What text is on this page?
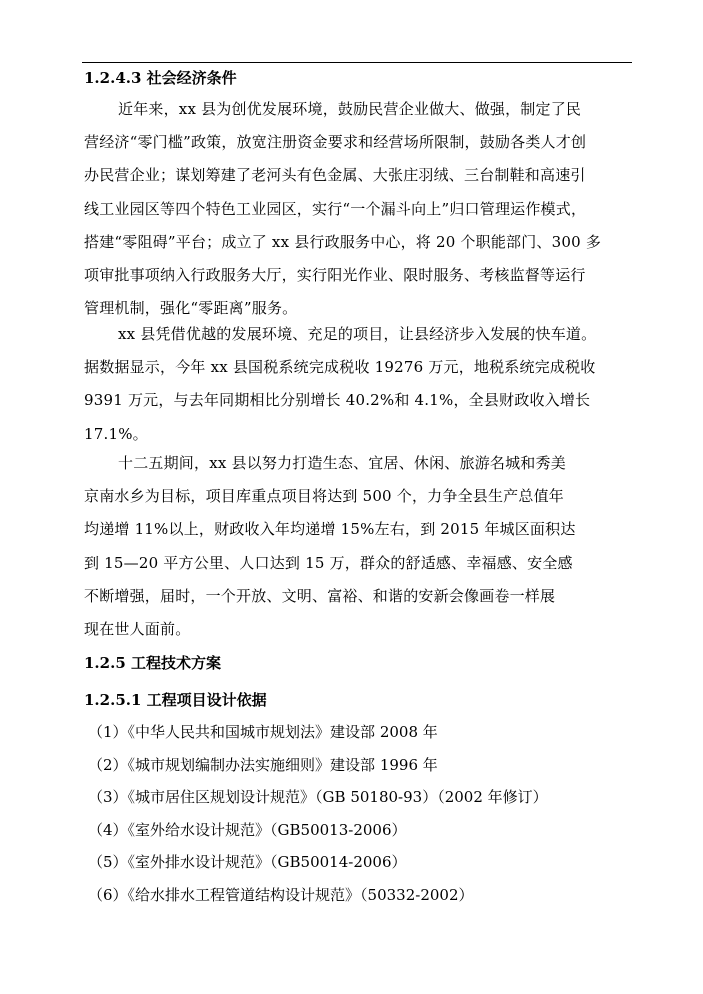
1.2.4.3 社会经济条件
近年来，xx 县为创优发展环境，鼓励民营企业做大、做强，制定了民
营经济“零门槛”政策，放宽注册资金要求和经营场所限制，鼓励各类人才创
办民营企业；谋划筹建了老河头有色金属、大张庄羽绒、三台制鞋和高速引
线工业园区等四个特色工业园区，实行“一个漏斗向上”归口管理运作模式，
搭建“零阻碍”平台；成立了 xx 县行政服务中心，将 20 个职能部门、300 多
项审批事项纳入行政服务大厅，实行阳光作业、限时服务、考核监督等运行
管理机制，强化“零距离”服务。
xx 县凭借优越的发展环境、充足的项目，让县经济步入发展的快车道。
据数据显示，今年 xx 县国税系统完成税收 19276 万元，地税系统完成税收
9391 万元，与去年同期相比分别增长 40.2%和 4.1%，全县财政收入增长
17.1%。
十二五期间，xx 县以努力打造生态、宜居、休闲、旅游名城和秀美
京南水乡为目标，项目库重点项目将达到 500 个，力争全县生产总值年
均递增 11%以上，财政收入年均递增 15%左右，到 2015 年城区面积达
到 15—20 平方公里、人口达到 15 万，群众的舒适感、幸福感、安全感
不断增强，届时，一个开放、文明、富裕、和谐的安新会像画卷一样展
现在世人面前。
1.2.5 工程技术方案
1.2.5.1 工程项目设计依据
（1）《中华人民共和国城市规划法》建设部 2008 年
（2）《城市规划编制办法实施细则》建设部 1996 年
（3）《城市居住区规划设计规范》（GB 50180-93）（2002 年修订）
（4）《室外给水设计规范》（GB50013-2006）
（5）《室外排水设计规范》（GB50014-2006）
（6）《给水排水工程管道结构设计规范》（50332-2002）
